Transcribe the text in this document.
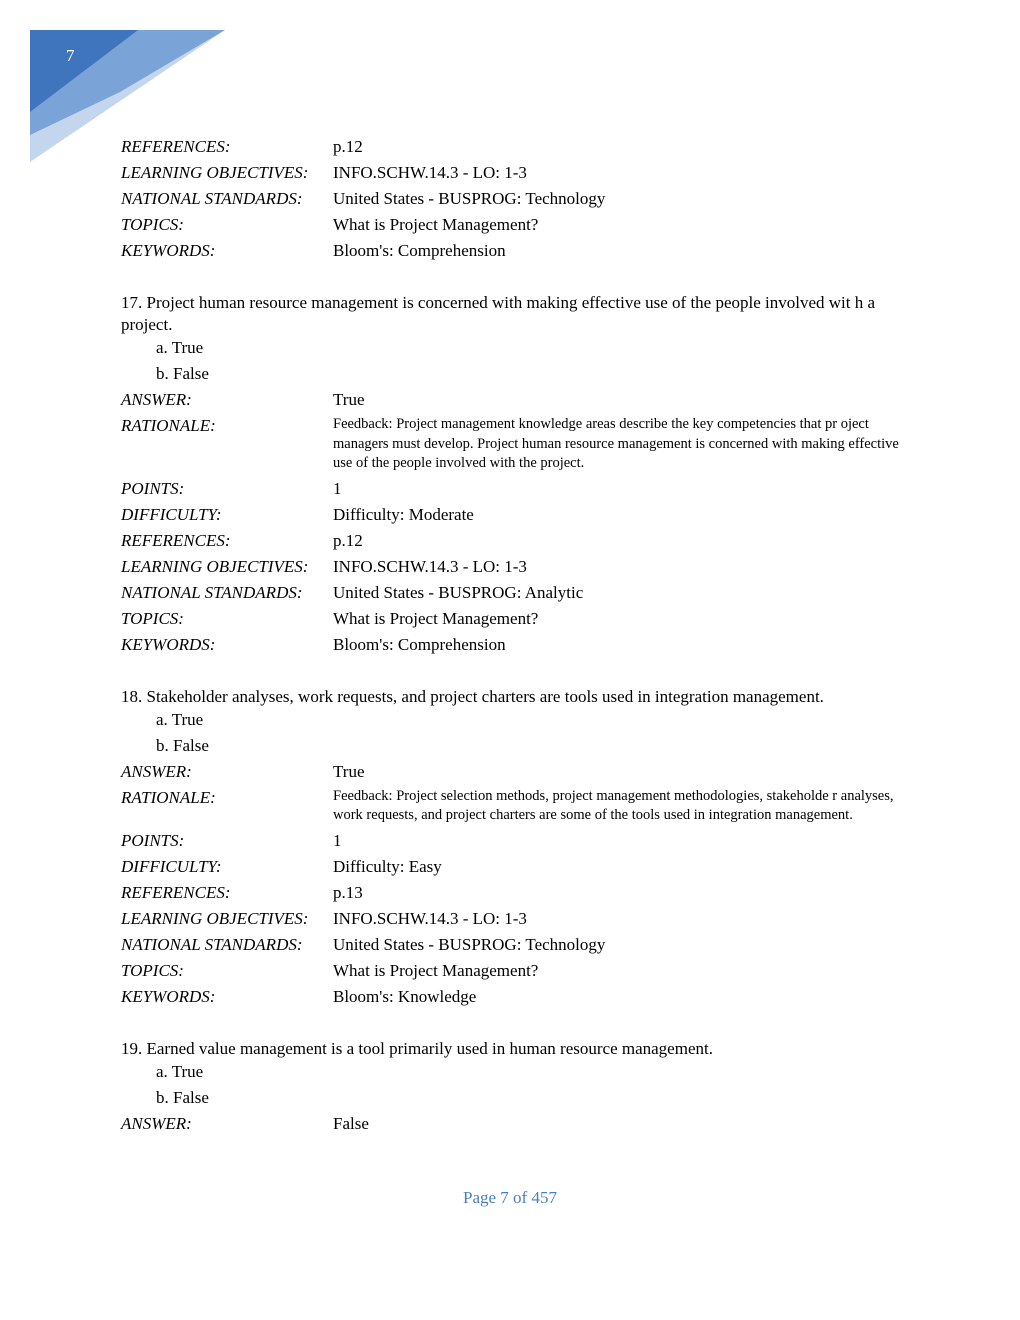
7
REFERENCES:	p.12
LEARNING OBJECTIVES:	INFO.SCHW.14.3 - LO: 1-3
NATIONAL STANDARDS:	United States - BUSPROG: Technology
TOPICS:	What is Project Management?
KEYWORDS:	Bloom's: Comprehension
17. Project human resource management is concerned with making effective use of the people involved wit h a project.
a. True
b. False
ANSWER:	True
RATIONALE:	Feedback: Project management knowledge areas describe the key competencies that pr oject managers must develop. Project human resource management is concerned with making effective use of the people involved with the project.
POINTS:	1
DIFFICULTY:	Difficulty: Moderate
REFERENCES:	p.12
LEARNING OBJECTIVES:	INFO.SCHW.14.3 - LO: 1-3
NATIONAL STANDARDS:	United States - BUSPROG: Analytic
TOPICS:	What is Project Management?
KEYWORDS:	Bloom's: Comprehension
18. Stakeholder analyses, work requests, and project charters are tools used in integration management.
a. True
b. False
ANSWER:	True
RATIONALE:	Feedback: Project selection methods, project management methodologies, stakeholde r analyses, work requests, and project charters are some of the tools used in integration management.
POINTS:	1
DIFFICULTY:	Difficulty: Easy
REFERENCES:	p.13
LEARNING OBJECTIVES:	INFO.SCHW.14.3 - LO: 1-3
NATIONAL STANDARDS:	United States - BUSPROG: Technology
TOPICS:	What is Project Management?
KEYWORDS:	Bloom's: Knowledge
19. Earned value management is a tool primarily used in human resource management.
a. True
b. False
ANSWER:	False
Page 7 of 457
